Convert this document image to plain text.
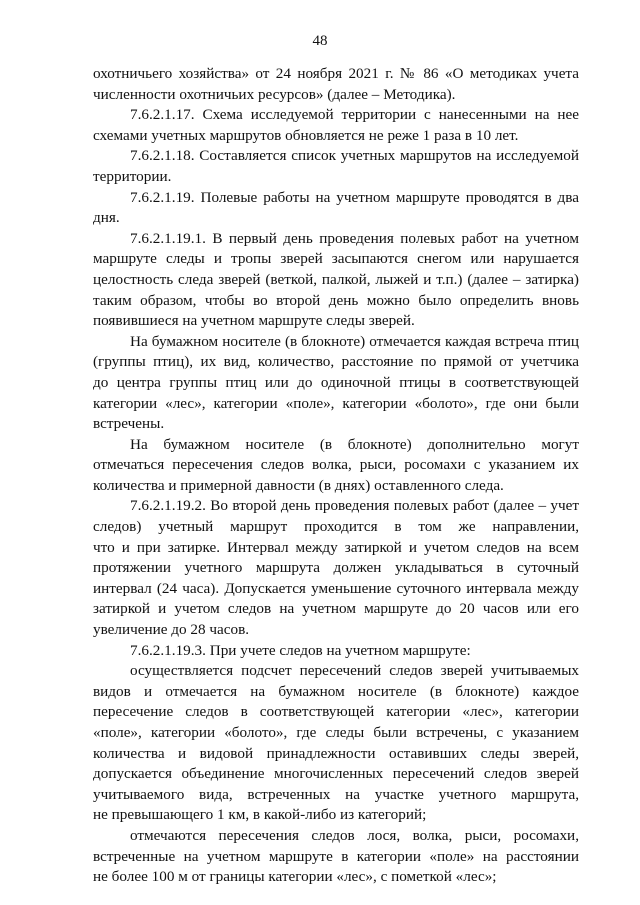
48
охотничьего хозяйства» от 24 ноября 2021 г. № 86 «О методиках учета
численности охотничьих ресурсов» (далее – Методика).
7.6.2.1.17. Схема исследуемой территории с нанесенными на нее
схемами учетных маршрутов обновляется не реже 1 раза в 10 лет.
7.6.2.1.18. Составляется список учетных маршрутов на исследуемой
территории.
7.6.2.1.19. Полевые работы на учетном маршруте проводятся в два
дня.
7.6.2.1.19.1. В первый день проведения полевых работ на учетном
маршруте следы и тропы зверей засыпаются снегом или нарушается
целостность следа зверей (веткой, палкой, лыжей и т.п.) (далее – затирка)
таким образом, чтобы во второй день можно было определить вновь
появившиеся на учетном маршруте следы зверей.
На бумажном носителе (в блокноте) отмечается каждая встреча птиц
(группы птиц), их вид, количество, расстояние по прямой от учетчика
до центра группы птиц или до одиночной птицы в соответствующей
категории «лес», категории «поле», категории «болото», где они были
встречены.
На бумажном носителе (в блокноте) дополнительно могут
отмечаться пересечения следов волка, рыси, росомахи с указанием их
количества и примерной давности (в днях) оставленного следа.
7.6.2.1.19.2. Во второй день проведения полевых работ (далее – учет
следов) учетный маршрут проходится в том же направлении,
что и при затирке. Интервал между затиркой и учетом следов на всем
протяжении учетного маршрута должен укладываться в суточный
интервал (24 часа). Допускается уменьшение суточного интервала между
затиркой и учетом следов на учетном маршруте до 20 часов или его
увеличение до 28 часов.
7.6.2.1.19.3. При учете следов на учетном маршруте:
осуществляется подсчет пересечений следов зверей учитываемых
видов и отмечается на бумажном носителе (в блокноте) каждое
пересечение следов в соответствующей категории «лес», категории
«поле», категории «болото», где следы были встречены, с указанием
количества и видовой принадлежности оставивших следы зверей,
допускается объединение многочисленных пересечений следов зверей
учитываемого вида, встреченных на участке учетного маршрута,
не превышающего 1 км, в какой-либо из категорий;
отмечаются пересечения следов лося, волка, рыси, росомахи,
встреченные на учетном маршруте в категории «поле» на расстоянии
не более 100 м от границы категории «лес», с пометкой «лес»;
